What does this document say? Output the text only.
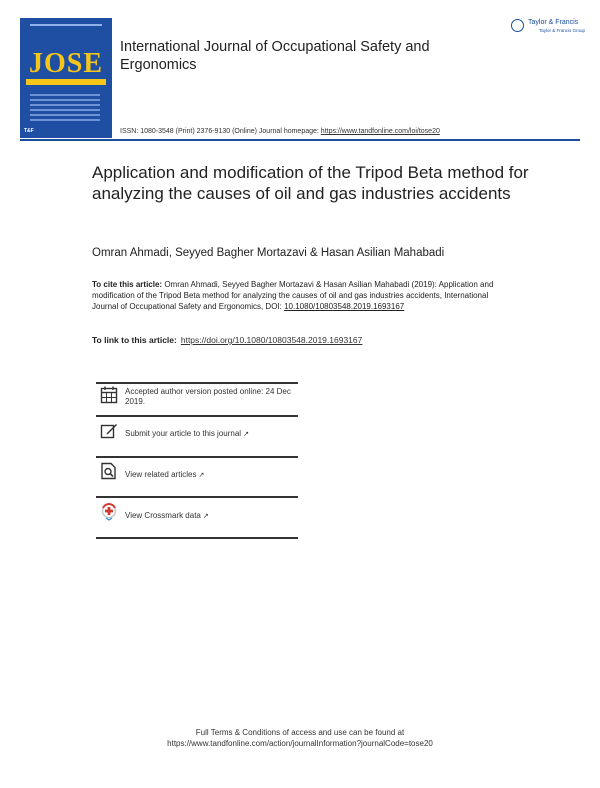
JOSE
T&F
International Journal of Occupational Safety and Ergonomics
Taylor & Francis
Taylor & Francis Group
ISSN: 1080-3548 (Print) 2376-9130 (Online) Journal homepage: https://www.tandfonline.com/loi/tose20
Application and modification of the Tripod Beta method for analyzing the causes of oil and gas industries accidents
Omran Ahmadi, Seyyed Bagher Mortazavi & Hasan Asilian Mahabadi
To cite this article: Omran Ahmadi, Seyyed Bagher Mortazavi & Hasan Asilian Mahabadi (2019): Application and modification of the Tripod Beta method for analyzing the causes of oil and gas industries accidents, International Journal of Occupational Safety and Ergonomics, DOI: 10.1080/10803548.2019.1693167
To link to this article: https://doi.org/10.1080/10803548.2019.1693167
Accepted author version posted online: 24 Dec 2019.
Submit your article to this journal ↗
View related articles ↗
View Crossmark data ↗
Full Terms & Conditions of access and use can be found at
https://www.tandfonline.com/action/journalInformation?journalCode=tose20
